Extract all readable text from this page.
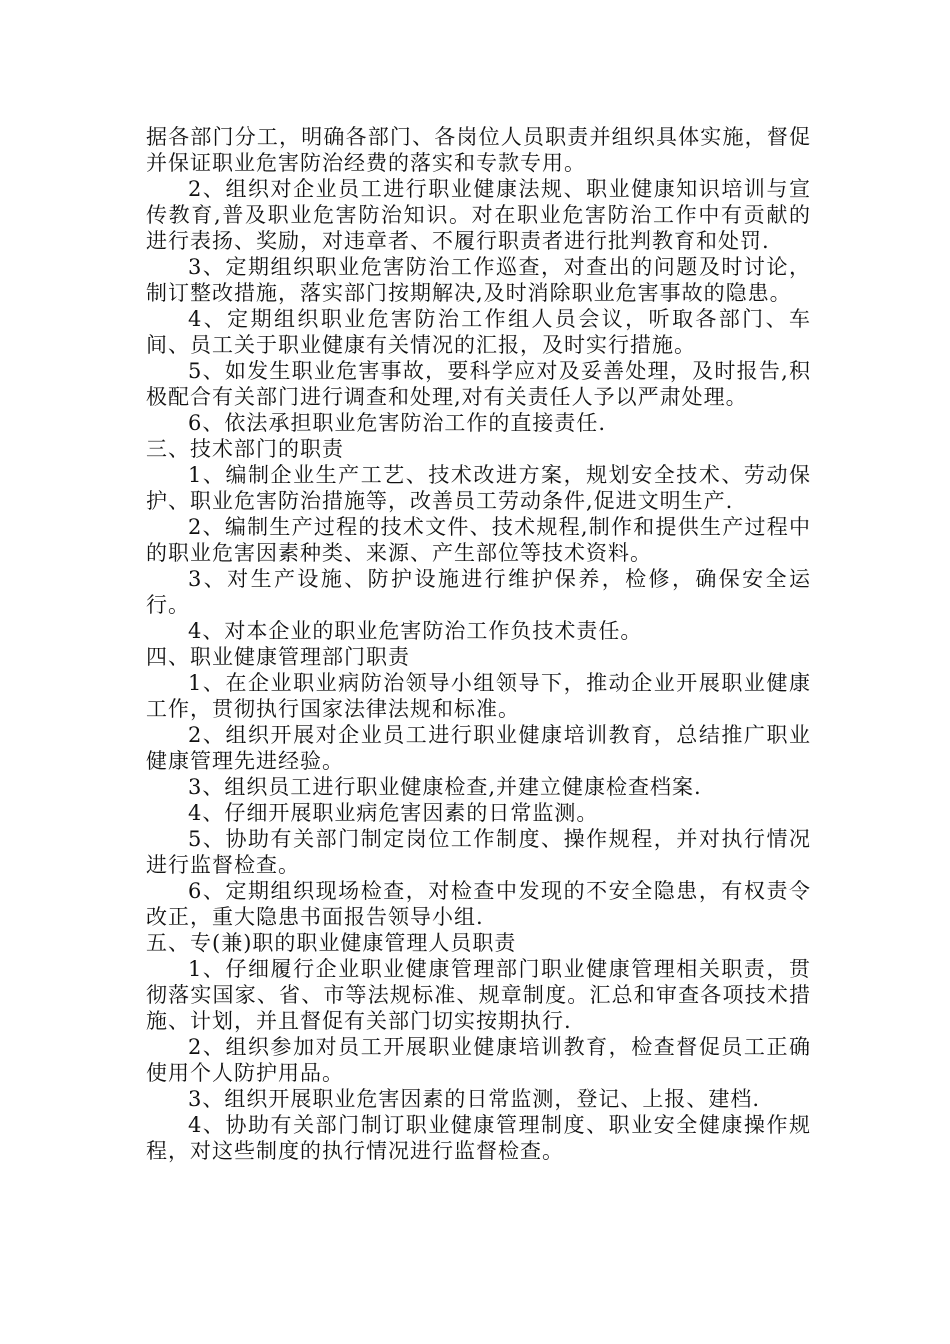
据各部门分工，明确各部门、各岗位人员职责并组织具体实施，督促并保证职业危害防治经费的落实和专款专用。

2、组织对企业员工进行职业健康法规、职业健康知识培训与宣传教育,普及职业危害防治知识。对在职业危害防治工作中有贡献的进行表扬、奖励，对违章者、不履行职责者进行批判教育和处罚.

3、定期组织职业危害防治工作巡查，对查出的问题及时讨论，制订整改措施，落实部门按期解决,及时消除职业危害事故的隐患。

4、定期组织职业危害防治工作组人员会议，听取各部门、车间、员工关于职业健康有关情况的汇报，及时实行措施。

5、如发生职业危害事故，要科学应对及妥善处理，及时报告,积极配合有关部门进行调查和处理,对有关责任人予以严肃处理。

6、依法承担职业危害防治工作的直接责任.

三、技术部门的职责

1、编制企业生产工艺、技术改进方案，规划安全技术、劳动保护、职业危害防治措施等，改善员工劳动条件,促进文明生产.

2、编制生产过程的技术文件、技术规程,制作和提供生产过程中的职业危害因素种类、来源、产生部位等技术资料。

3、对生产设施、防护设施进行维护保养，检修，确保安全运行。

4、对本企业的职业危害防治工作负技术责任。

四、职业健康管理部门职责

1、在企业职业病防治领导小组领导下，推动企业开展职业健康工作，贯彻执行国家法律法规和标准。

2、组织开展对企业员工进行职业健康培训教育，总结推广职业健康管理先进经验。

3、组织员工进行职业健康检查,并建立健康检查档案.

4、仔细开展职业病危害因素的日常监测。

5、协助有关部门制定岗位工作制度、操作规程，并对执行情况进行监督检查。

6、定期组织现场检查，对检查中发现的不安全隐患，有权责令改正，重大隐患书面报告领导小组.

五、专(兼)职的职业健康管理人员职责

1、仔细履行企业职业健康管理部门职业健康管理相关职责，贯彻落实国家、省、市等法规标准、规章制度。汇总和审查各项技术措施、计划，并且督促有关部门切实按期执行.

2、组织参加对员工开展职业健康培训教育，检查督促员工正确使用个人防护用品。

3、组织开展职业危害因素的日常监测，登记、上报、建档.

4、协助有关部门制订职业健康管理制度、职业安全健康操作规程，对这些制度的执行情况进行监督检查。
